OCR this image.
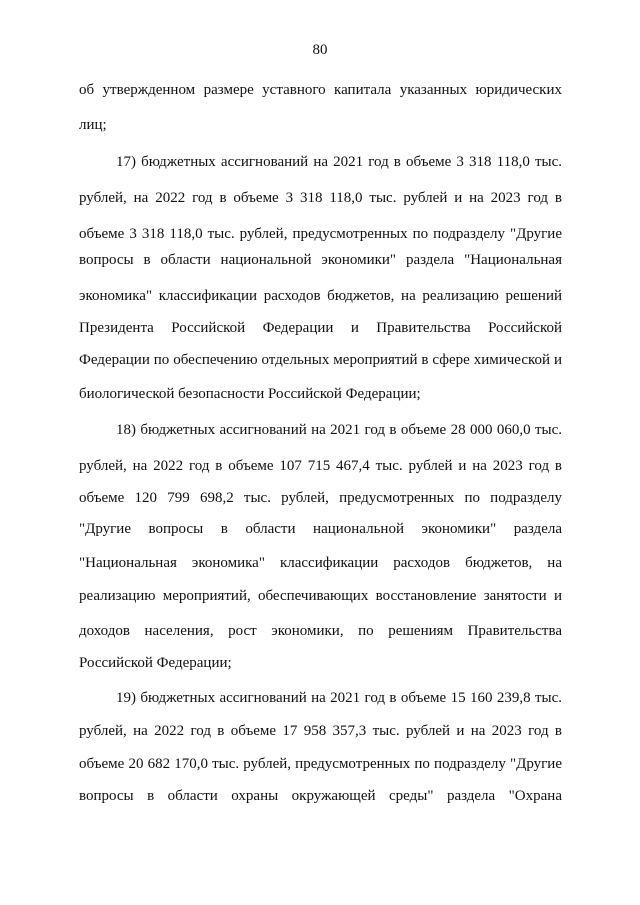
80
об утвержденном размере уставного капитала указанных юридических
лиц;
17) бюджетных ассигнований на 2021 год в объеме 3 318 118,0 тыс.
рублей, на 2022 год в объеме 3 318 118,0 тыс. рублей и на 2023 год в
объеме 3 318 118,0 тыс. рублей, предусмотренных по подразделу "Другие
вопросы в области национальной экономики" раздела "Национальная
экономика" классификации расходов бюджетов, на реализацию решений
Президента Российской Федерации и Правительства Российской
Федерации по обеспечению отдельных мероприятий в сфере химической и
биологической безопасности Российской Федерации;
18) бюджетных ассигнований на 2021 год в объеме 28 000 060,0 тыс.
рублей, на 2022 год в объеме 107 715 467,4 тыс. рублей и на 2023 год в
объеме 120 799 698,2 тыс. рублей, предусмотренных по подразделу
"Другие вопросы в области национальной экономики" раздела
"Национальная экономика" классификации расходов бюджетов, на
реализацию мероприятий, обеспечивающих восстановление занятости и
доходов населения, рост экономики, по решениям Правительства
Российской Федерации;
19) бюджетных ассигнований на 2021 год в объеме 15 160 239,8 тыс.
рублей, на 2022 год в объеме 17 958 357,3 тыс. рублей и на 2023 год в
объеме 20 682 170,0 тыс. рублей, предусмотренных по подразделу "Другие
вопросы в области охраны окружающей среды" раздела "Охрана
